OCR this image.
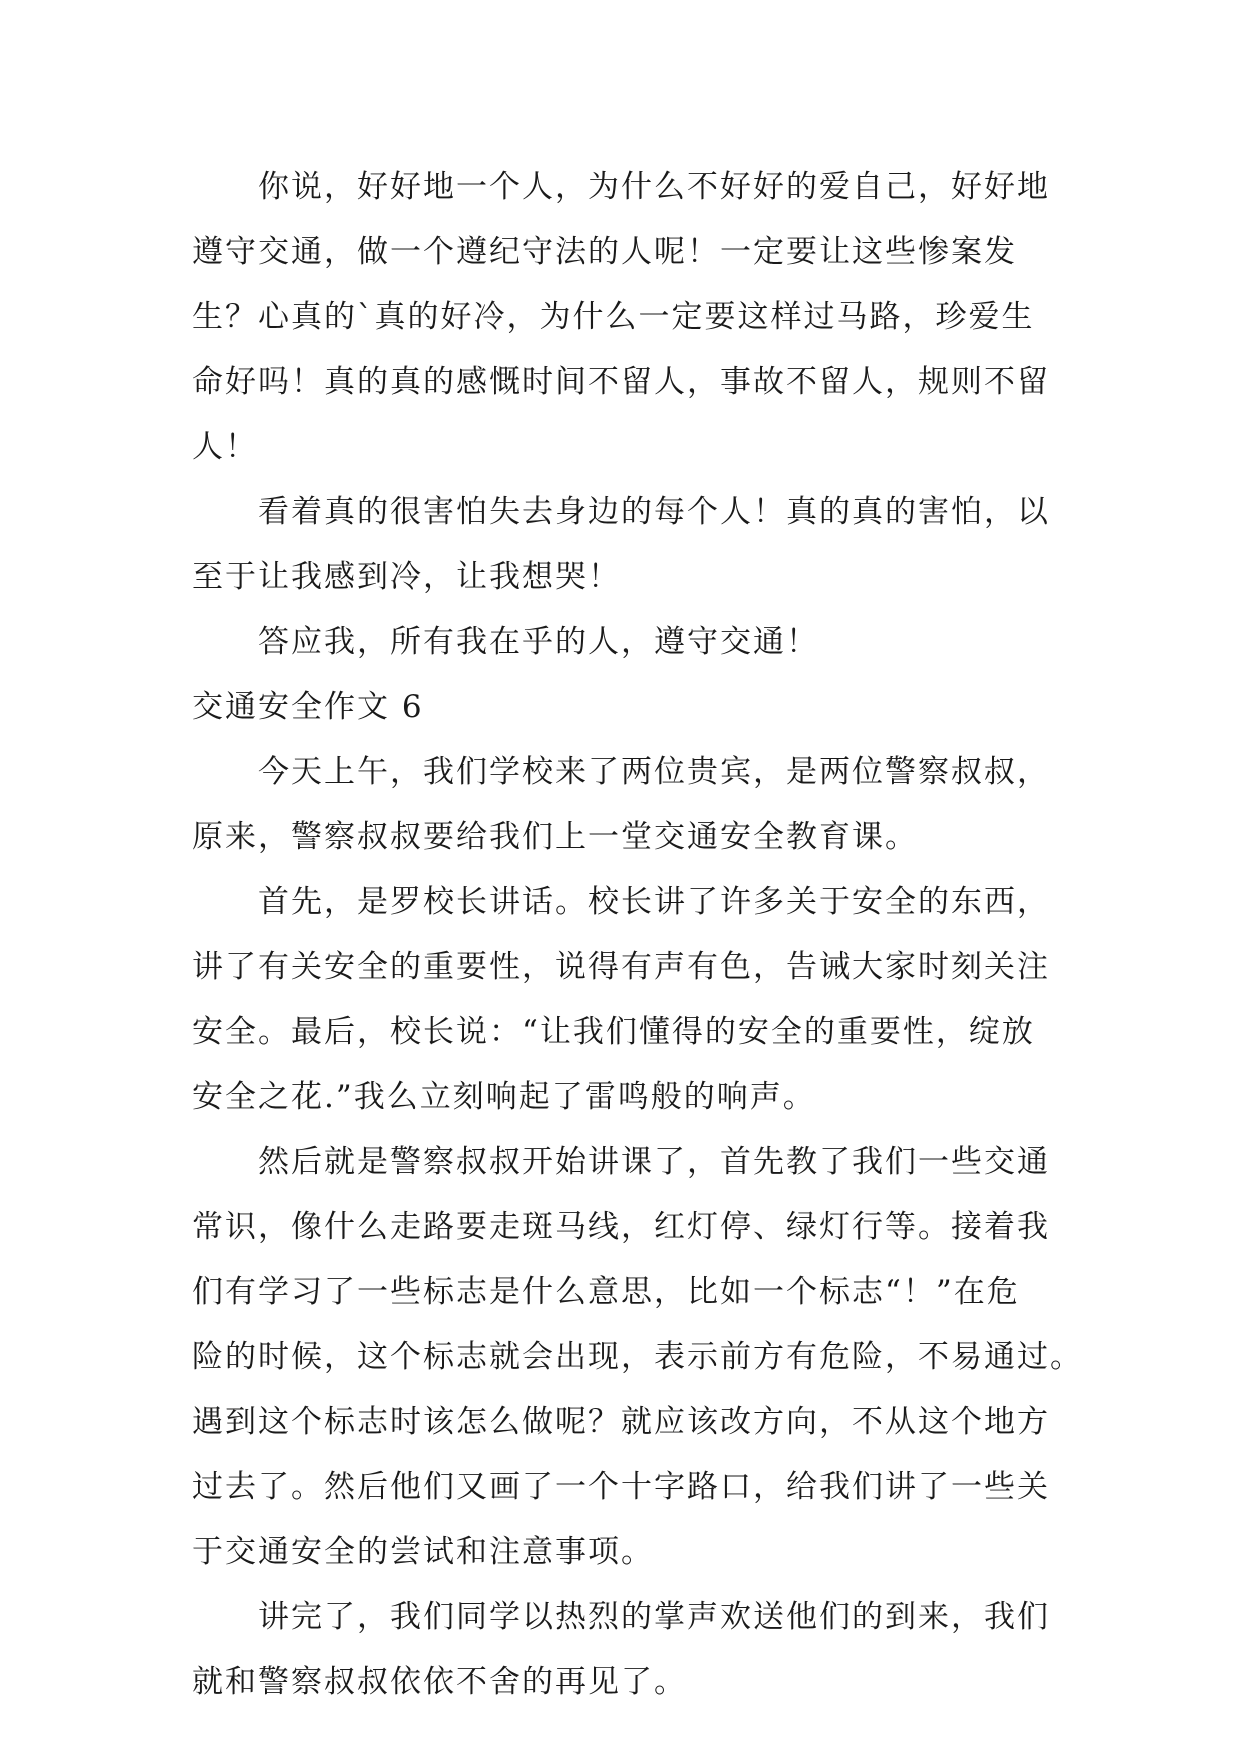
你说，好好地一个人，为什么不好好的爱自己，好好地
遵守交通，做一个遵纪守法的人呢！一定要让这些惨案发
生？心真的`真的好冷，为什么一定要这样过马路，珍爱生
命好吗！真的真的感慨时间不留人，事故不留人，规则不留
人！
看着真的很害怕失去身边的每个人！真的真的害怕，以
至于让我感到冷，让我想哭！
答应我，所有我在乎的人，遵守交通！
交通安全作文 6
今天上午，我们学校来了两位贵宾，是两位警察叔叔，
原来，警察叔叔要给我们上一堂交通安全教育课。
首先，是罗校长讲话。校长讲了许多关于安全的东西，
讲了有关安全的重要性，说得有声有色，告诫大家时刻关注
安全。最后，校长说：“让我们懂得的安全的重要性，绽放
安全之花.”我么立刻响起了雷鸣般的响声。
然后就是警察叔叔开始讲课了，首先教了我们一些交通
常识，像什么走路要走斑马线，红灯停、绿灯行等。接着我
们有学习了一些标志是什么意思，比如一个标志“！”在危
险的时候，这个标志就会出现，表示前方有危险，不易通过。
遇到这个标志时该怎么做呢？就应该改方向，不从这个地方
过去了。然后他们又画了一个十字路口，给我们讲了一些关
于交通安全的尝试和注意事项。
讲完了，我们同学以热烈的掌声欢送他们的到来，我们
就和警察叔叔依依不舍的再见了。
